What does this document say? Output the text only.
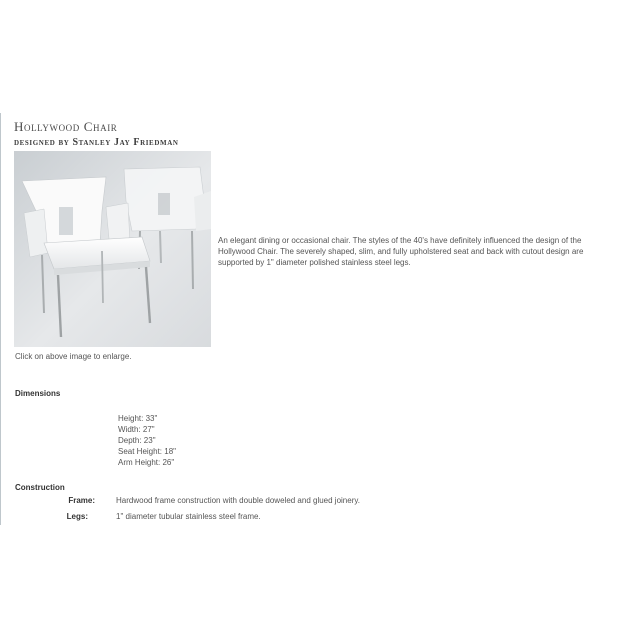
Hollywood Chair
designed by Stanley Jay Friedman
Click on above image to enlarge.
An elegant dining or occasional chair. The styles of the 40's have definitely influenced the design of the Hollywood Chair. The severely shaped, slim, and fully upholstered seat and back with cutout design are supported by 1" diameter polished stainless steel legs.
Dimensions
Height: 33"
Width: 27"
Depth: 23"
Seat Height: 18"
Arm Height: 26"
Construction
Frame:	Hardwood frame construction with double doweled and glued joinery.
Legs:	1" diameter tubular stainless steel frame.
